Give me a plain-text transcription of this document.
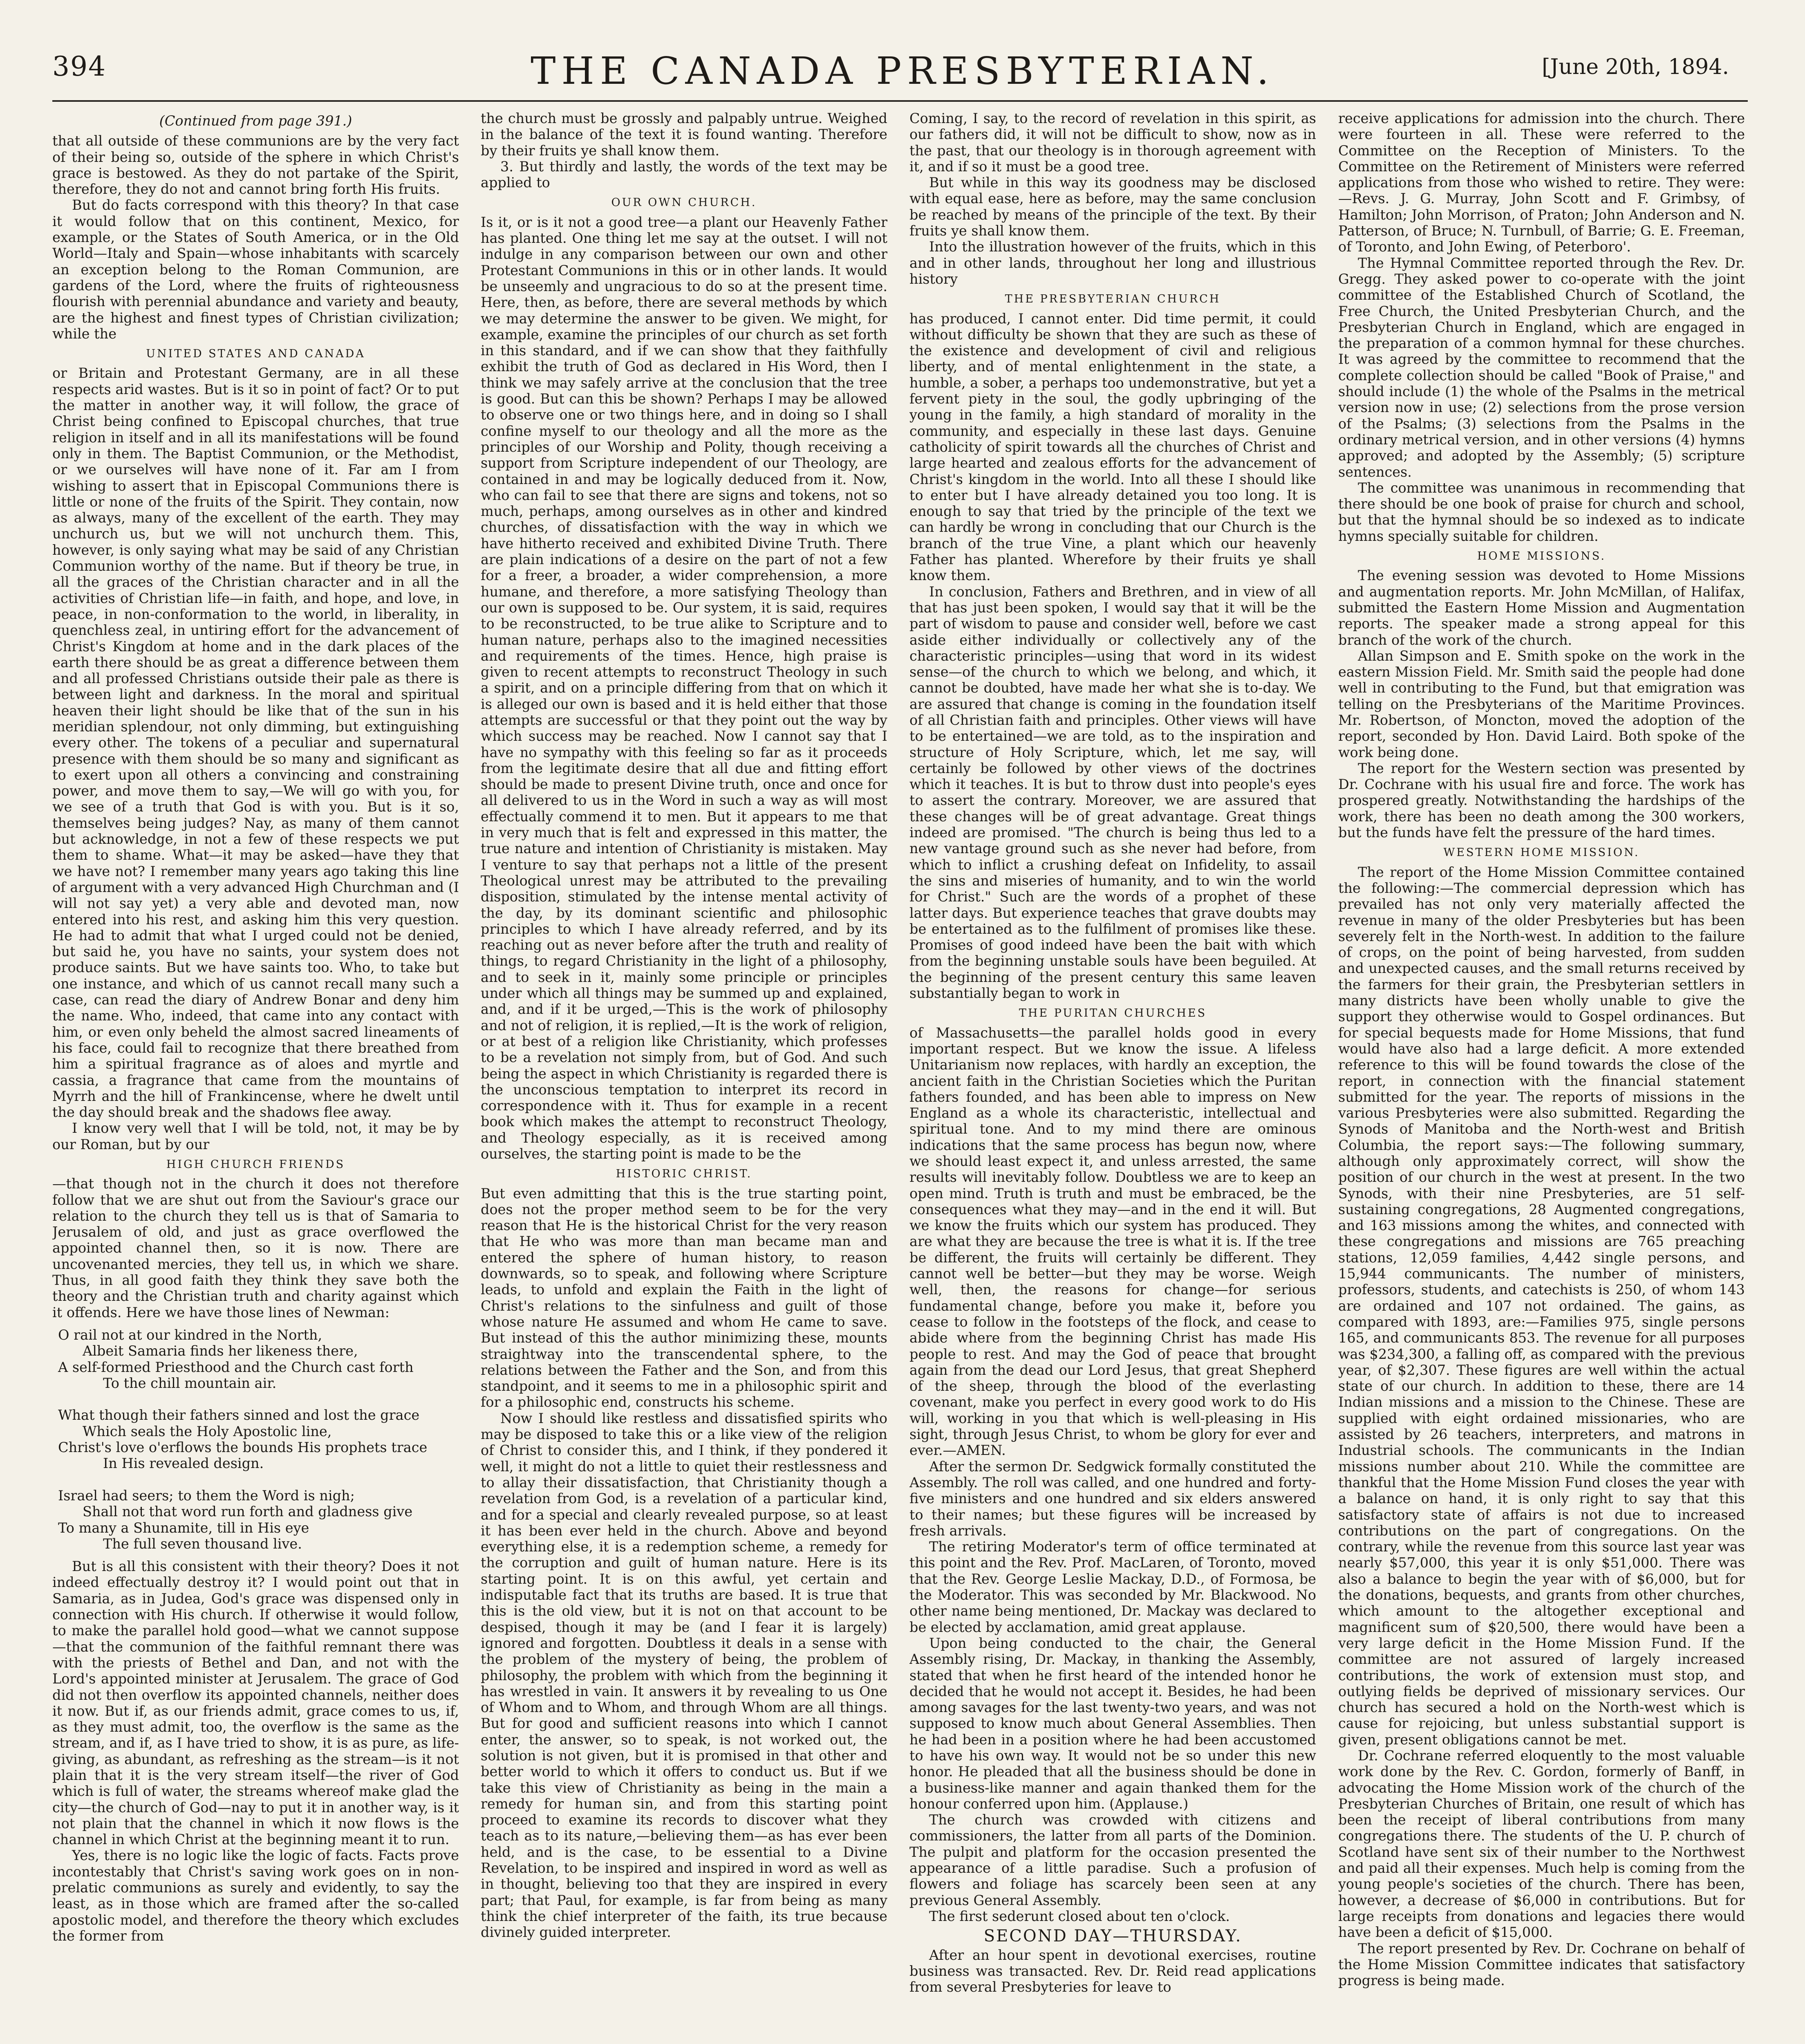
394	THE CANADA PRESBYTERIAN.	[June 20th, 1894.
(Continued from page 391.)

that all outside of these communions are by the very fact of their being so, outside of the sphere in which Christ's grace is bestowed. As they do not partake of the Spirit, therefore, they do not and cannot bring forth His fruits.

But do facts correspond with this theory? In that case it would follow that on this continent, Mexico, for example, or the States of South America, or in the Old World—Italy and Spain—whose inhabitants with scarcely an exception belong to the Roman Communion, are gardens of the Lord, where the fruits of righteousness flourish with perennial abundance and variety and beauty, are the highest and finest types of Christian civilization; while the

UNITED STATES AND CANADA

or Britain and Protestant Germany, are in all these respects arid wastes. But is it so in point of fact? Or to put the matter in another way, it will follow, the grace of Christ being confined to Episcopal churches, that true religion in itself and in all its manifestations will be found only in them. The Baptist Communion, or the Methodist, or we ourselves will have none of it. Far am I from wishing to assert that in Episcopal Communions there is little or none of the fruits of the Spirit. They contain, now as always, many of the excellent of the earth. They may unchurch us, but we will not unchurch them. This, however, is only saying what may be said of any Christian Communion worthy of the name. But if theory be true, in all the graces of the Christian character and in all the activities of Christian life—in faith, and hope, and love, in peace, in non-conformation to the world, in liberality, in quenchless zeal, in untiring effort for the advancement of Christ's Kingdom at home and in the dark places of the earth there should be as great a difference between them and all professed Christians outside their pale as there is between light and darkness. In the moral and spiritual heaven their light should be like that of the sun in his meridian splendour, not only dimming, but extinguishing every other. The tokens of a peculiar and supernatural presence with them should be so many and significant as to exert upon all others a convincing and constraining power, and move them to say,—We will go with you, for we see of a truth that God is with you. But is it so, themselves being judges? Nay, as many of them cannot but acknowledge, in not a few of these respects we put them to shame. What—it may be asked—have they that we have not? I remember many years ago taking this line of argument with a very advanced High Churchman and (I will not say yet) a very able and devoted man, now entered into his rest, and asking him this very question. He had to admit that what I urged could not be denied, but said he, you have no saints, your system does not produce saints. But we have saints too. Who, to take but one instance, and which of us cannot recall many such a case, can read the diary of Andrew Bonar and deny him the name. Who, indeed, that came into any contact with him, or even only beheld the almost sacred lineaments of his face, could fail to recognize that there breathed from him a spiritual fragrance as of aloes and myrtle and cassia, a fragrance that came from the mountains of Myrrh and the hill of Frankincense, where he dwelt until the day should break and the shadows flee away.

I know very well that I will be told, not, it may be by our Roman, but by our

HIGH CHURCH FRIENDS

—that though not in the church it does not therefore follow that we are shut out from the Saviour's grace our relation to the church they tell us is that of Samaria to Jerusalem of old, and just as grace overflowed the appointed channel then, so it is now. There are uncovenanted mercies, they tell us, in which we share. Thus, in all good faith they think they save both the theory and the Christian truth and charity against which it offends. Here we have those lines of Newman:

O rail not at our kindred in the North,
Albeit Samaria finds her likeness there,
A self-formed Priesthood and the Church cast forth
To the chill mountain air.

What though their fathers sinned and lost the grace
Which seals the Holy Apostolic line,
Christ's love o'erflows the bounds His prophets trace
In His revealed design.

Israel had seers; to them the Word is nigh;
Shall not that word run forth and gladness give
To many a Shunamite, till in His eye
The full seven thousand live.

But is all this consistent with their theory? Does it not indeed effectually destroy it? I would point out that in Samaria, as in Judea, God's grace was dispensed only in connection with His church. If otherwise it would follow, to make the parallel hold good—what we cannot suppose—that the communion of the faithful remnant there was with the priests of Bethel and Dan, and not with the Lord's appointed minister at Jerusalem. The grace of God did not then overflow its appointed channels, neither does it now. But if, as our friends admit, grace comes to us, if, as they must admit, too, the overflow is the same as the stream, and if, as I have tried to show, it is as pure, as life-giving, as abundant, as refreshing as the stream—is it not plain that it is the very stream itself—the river of God which is full of water, the streams whereof make glad the city—the church of God—nay to put it in another way, is it not plain that the channel in which it now flows is the channel in which Christ at the beginning meant it to run.

Yes, there is no logic like the logic of facts. Facts prove incontestably that Christ's saving work goes on in non-prelatic communions as surely and evidently, to say the least, as in those which are framed after the so-called apostolic model, and therefore the theory which excludes the former from

the church must be grossly and palpably untrue. Weighed in the balance of the text it is found wanting. Therefore by their fruits ye shall know them.

3. But thirdly and lastly, the words of the text may be applied to

OUR OWN CHURCH.

Is it, or is it not a good tree—a plant our Heavenly Father has planted. One thing let me say at the outset. I will not indulge in any comparison between our own and other Protestant Communions in this or in other lands. It would be unseemly and ungracious to do so at the present time. Here, then, as before, there are several methods by which we may determine the answer to be given. We might, for example, examine the principles of our church as set forth in this standard, and if we can show that they faithfully exhibit the truth of God as declared in His Word, then I think we may safely arrive at the conclusion that the tree is good. But can this be shown? Perhaps I may be allowed to observe one or two things here, and in doing so I shall confine myself to our theology and all the more as the principles of our Worship and Polity, though receiving a support from Scripture independent of our Theology, are contained in and may be logically deduced from it. Now, who can fail to see that there are signs and tokens, not so much, perhaps, among ourselves as in other and kindred churches, of dissatisfaction with the way in which we have hitherto received and exhibited Divine Truth. There are plain indications of a desire on the part of not a few for a freer, a broader, a wider comprehension, a more humane, and therefore, a more satisfying Theology than our own is supposed to be. Our system, it is said, requires to be reconstructed, to be true alike to Scripture and to human nature, perhaps also to the imagined necessities and requirements of the times. Hence, high praise is given to recent attempts to reconstruct Theology in such a spirit, and on a principle differing from that on which it is alleged our own is based and it is held either that those attempts are successful or that they point out the way by which success may be reached. Now I cannot say that I have no sympathy with this feeling so far as it proceeds from the legitimate desire that all due and fitting effort should be made to present Divine truth, once and once for all delivered to us in the Word in such a way as will most effectually commend it to men. But it appears to me that in very much that is felt and expressed in this matter, the true nature and intention of Christianity is mistaken. May I venture to say that perhaps not a little of the present Theological unrest may be attributed to the prevailing disposition, stimulated by the intense mental activity of the day, by its dominant scientific and philosophic principles to which I have already referred, and by its reaching out as never before after the truth and reality of things, to regard Christianity in the light of a philosophy, and to seek in it, mainly some principle or principles under which all things may be summed up and explained, and, and if it be urged,—This is the work of philosophy and not of religion, it is replied,—It is the work of religion, or at best of a religion like Christianity, which professes to be a revelation not simply from, but of God. And such being the aspect in which Christianity is regarded there is the unconscious temptation to interpret its record in correspondence with it. Thus for example in a recent book which makes the attempt to reconstruct Theology, and Theology especially, as it is received among ourselves, the starting point is made to be the

HISTORIC CHRIST.

But even admitting that this is the true starting point, does not the proper method seem to be for the very reason that He is the historical Christ for the very reason that He who was more than man became man and entered the sphere of human history, to reason downwards, so to speak, and following where Scripture leads, to unfold and explain the Faith in the light of Christ's relations to the sinfulness and guilt of those whose nature He assumed and whom He came to save. But instead of this the author minimizing these, mounts straightway into the transcendental sphere, to the relations between the Father and the Son, and from this standpoint, and it seems to me in a philosophic spirit and for a philosophic end, constructs his scheme.

Now I should like restless and dissatisfied spirits who may be disposed to take this or a like view of the religion of Christ to consider this, and I think, if they pondered it well, it might do not a little to quiet their restlessness and to allay their dissatisfaction, that Christianity though a revelation from God, is a revelation of a particular kind, and for a special and clearly revealed purpose, so at least it has been ever held in the church. Above and beyond everything else, it is a redemption scheme, a remedy for the corruption and guilt of human nature. Here is its starting point. It is on this awful, yet certain and indisputable fact that its truths are based. It is true that this is the old view, but it is not on that account to be despised, though it may be (and I fear it is largely) ignored and forgotten. Doubtless it deals in a sense with the problem of the mystery of being, the problem of philosophy, the problem with which from the beginning it has wrestled in vain. It answers it by revealing to us One of Whom and to Whom, and through Whom are all things. But for good and sufficient reasons into which I cannot enter, the answer, so to speak, is not worked out, the solution is not given, but it is promised in that other and better world to which it offers to conduct us. But if we take this view of Christianity as being in the main a remedy for human sin, and from this starting point proceed to examine its records to discover what they teach as to its nature,—believing them—as has ever been held, and is the case, to be essential to a Divine Revelation, to be inspired and inspired in word as well as in thought, believing too that they are inspired in every part; that Paul, for example, is far from being as many think the chief interpreter of the faith, its true because divinely guided interpreter.

Coming, I say, to the record of revelation in this spirit, as our fathers did, it will not be difficult to show, now as in the past, that our theology is in thorough agreement with it, and if so it must be a good tree.

But while in this way its goodness may be disclosed with equal ease, here as before, may the same conclusion be reached by means of the principle of the text. By their fruits ye shall know them.

Into the illustration however of the fruits, which in this and in other lands, throughout her long and illustrious history

THE PRESBYTERIAN CHURCH

has produced, I cannot enter. Did time permit, it could without difficulty be shown that they are such as these of the existence and development of civil and religious liberty, and of mental enlightenment in the state, a humble, a sober, a perhaps too undemonstrative, but yet a fervent piety in the soul, the godly upbringing of the young in the family, a high standard of morality in the community, and especially in these last days. Genuine catholicity of spirit towards all the churches of Christ and large hearted and zealous efforts for the advancement of Christ's kingdom in the world. Into all these I should like to enter but I have already detained you too long. It is enough to say that tried by the principle of the text we can hardly be wrong in concluding that our Church is the branch of the true Vine, a plant which our heavenly Father has planted. Wherefore by their fruits ye shall know them.

In conclusion, Fathers and Brethren, and in view of all that has just been spoken, I would say that it will be the part of wisdom to pause and consider well, before we cast aside either individually or collectively any of the characteristic principles—using that word in its widest sense—of the church to which we belong, and which, it cannot be doubted, have made her what she is to-day. We are assured that change is coming in the foundation itself of all Christian faith and principles. Other views will have to be entertained—we are told, as to the inspiration and structure of Holy Scripture, which, let me say, will certainly be followed by other views of the doctrines which it teaches. It is but to throw dust into people's eyes to assert the contrary. Moreover, we are assured that these changes will be of great advantage. Great things indeed are promised. "The church is being thus led to a new vantage ground such as she never had before, from which to inflict a crushing defeat on Infidelity, to assail the sins and miseries of humanity, and to win the world for Christ." Such are the words of a prophet of these latter days. But experience teaches that grave doubts may be entertained as to the fulfilment of promises like these. Promises of good indeed have been the bait with which from the beginning unstable souls have been beguiled. At the beginning of the present century this same leaven substantially began to work in

THE PURITAN CHURCHES

of Massachusetts—the parallel holds good in every important respect. But we know the issue. A lifeless Unitarianism now replaces, with hardly an exception, the ancient faith in the Christian Societies which the Puritan fathers founded, and has been able to impress on New England as a whole its characteristic, intellectual and spiritual tone. And to my mind there are ominous indications that the same process has begun now, where we should least expect it, and unless arrested, the same results will inevitably follow. Doubtless we are to keep an open mind. Truth is truth and must be embraced, be the consequences what they may—and in the end it will. But we know the fruits which our system has produced. They are what they are because the tree is what it is. If the tree be different, the fruits will certainly be different. They cannot well be better—but they may be worse. Weigh well, then, the reasons for change—for serious fundamental change, before you make it, before you cease to follow in the footsteps of the flock, and cease to abide where from the beginning Christ has made His people to rest. And may the God of peace that brought again from the dead our Lord Jesus, that great Shepherd of the sheep, through the blood of the everlasting covenant, make you perfect in every good work to do His will, working in you that which is well-pleasing in His sight, through Jesus Christ, to whom be glory for ever and ever.—AMEN.

After the sermon Dr. Sedgwick formally constituted the Assembly. The roll was called, and one hundred and forty-five ministers and one hundred and six elders answered to their names; but these figures will be increased by fresh arrivals.

The retiring Moderator's term of office terminated at this point and the Rev. Prof. MacLaren, of Toronto, moved that the Rev. George Leslie Mackay, D.D., of Formosa, be the Moderator. This was seconded by Mr. Blackwood. No other name being mentioned, Dr. Mackay was declared to be elected by acclamation, amid great applause.

Upon being conducted to the chair, the General Assembly rising, Dr. Mackay, in thanking the Assembly, stated that when he first heard of the intended honor he decided that he would not accept it. Besides, he had been among savages for the last twenty-two years, and was not supposed to know much about General Assemblies. Then he had been in a position where he had been accustomed to have his own way. It would not be so under this new honor. He pleaded that all the business should be done in a business-like manner and again thanked them for the honour conferred upon him. (Applause.)

The church was crowded with citizens and commissioners, the latter from all parts of the Dominion. The pulpit and platform for the occasion presented the appearance of a little paradise. Such a profusion of flowers and foliage has scarcely been seen at any previous General Assembly.

The first sederunt closed about ten o'clock.

SECOND DAY—THURSDAY.

After an hour spent in devotional exercises, routine business was transacted. Rev. Dr. Reid read applications from several Presbyteries for leave to

receive applications for admission into the church. There were fourteen in all. These were referred to the Committee on the Reception of Ministers. To the Committee on the Retirement of Ministers were referred applications from those who wished to retire. They were:—Revs. J. G. Murray, John Scott and F. Grimbsy, of Hamilton; John Morrison, of Praton; John Anderson and N. Patterson, of Bruce; N. Turnbull, of Barrie; G. E. Freeman, of Toronto, and John Ewing, of Peterboro'.

The Hymnal Committee reported through the Rev. Dr. Gregg. They asked power to co-operate with the joint committee of the Established Church of Scotland, the Free Church, the United Presbyterian Church, and the Presbyterian Church in England, which are engaged in the preparation of a common hymnal for these churches. It was agreed by the committee to recommend that the complete collection should be called "Book of Praise," and should include (1) the whole of the Psalms in the metrical version now in use; (2) selections from the prose version of the Psalms; (3) selections from the Psalms in the ordinary metrical version, and in other versions (4) hymns approved; and adopted by the Assembly; (5) scripture sentences.

The committee was unanimous in recommending that there should be one book of praise for church and school, but that the hymnal should be so indexed as to indicate hymns specially suitable for children.

HOME MISSIONS.

The evening session was devoted to Home Missions and augmentation reports. Mr. John McMillan, of Halifax, submitted the Eastern Home Mission and Augmentation reports. The speaker made a strong appeal for this branch of the work of the church.

Allan Simpson and E. Smith spoke on the work in the eastern Mission Field. Mr. Smith said the people had done well in contributing to the Fund, but that emigration was telling on the Presbyterians of the Maritime Provinces. Mr. Robertson, of Moncton, moved the adoption of the report, seconded by Hon. David Laird. Both spoke of the work being done.

The report for the Western section was presented by Dr. Cochrane with his usual fire and force. The work has prospered greatly. Notwithstanding the hardships of the work, there has been no death among the 300 workers, but the funds have felt the pressure of the hard times.

WESTERN HOME MISSION.

The report of the Home Mission Committee contained the following:—The commercial depression which has prevailed has not only very materially affected the revenue in many of the older Presbyteries but has been severely felt in the North-west. In addition to the failure of crops, on the point of being harvested, from sudden and unexpected causes, and the small returns received by the farmers for their grain, the Presbyterian settlers in many districts have been wholly unable to give the support they otherwise would to Gospel ordinances. But for special bequests made for Home Missions, that fund would have also had a large deficit. A more extended reference to this will be found towards the close of the report, in connection with the financial statement submitted for the year. The reports of missions in the various Presbyteries were also submitted. Regarding the Synods of Manitoba and the North-west and British Columbia, the report says:—The following summary, although only approximately correct, will show the position of our church in the west at present. In the two Synods, with their nine Presbyteries, are 51 self-sustaining congregations, 28 Augmented congregations, and 163 missions among the whites, and connected with these congregations and missions are 765 preaching stations, 12,059 families, 4,442 single persons, and 15,944 communicants. The number of ministers, professors, students, and catechists is 250, of whom 143 are ordained and 107 not ordained. The gains, as compared with 1893, are:—Families 975, single persons 165, and communicants 853. The revenue for all purposes was $234,300, a falling off, as compared with the previous year, of $2,307. These figures are well within the actual state of our church. In addition to these, there are 14 Indian missions and a mission to the Chinese. These are supplied with eight ordained missionaries, who are assisted by 26 teachers, interpreters, and matrons in Industrial schools. The communicants in the Indian missions number about 210. While the committee are thankful that the Home Mission Fund closes the year with a balance on hand, it is only right to say that this satisfactory state of affairs is not due to increased contributions on the part of congregations. On the contrary, while the revenue from this source last year was nearly $57,000, this year it is only $51,000. There was also a balance to begin the year with of $6,000, but for the donations, bequests, and grants from other churches, which amount to the altogether exceptional and magnificent sum of $20,500, there would have been a very large deficit in the Home Mission Fund. If the committee are not assured of largely increased contributions, the work of extension must stop, and outlying fields be deprived of missionary services. Our church has secured a hold on the North-west which is cause for rejoicing, but unless substantial support is given, present obligations cannot be met.

Dr. Cochrane referred eloquently to the most valuable work done by the Rev. C. Gordon, formerly of Banff, in advocating the Home Mission work of the church of the Presbyterian Churches of Britain, one result of which has been the receipt of liberal contributions from many congregations there. The students of the U. P. church of Scotland have sent six of their number to the Northwest and paid all their expenses. Much help is coming from the young people's societies of the church. There has been, however, a decrease of $6,000 in contributions. But for large receipts from donations and legacies there would have been a deficit of $15,000.

The report presented by Rev. Dr. Cochrane on behalf of the Home Mission Committee indicates that satisfactory progress is being made.
